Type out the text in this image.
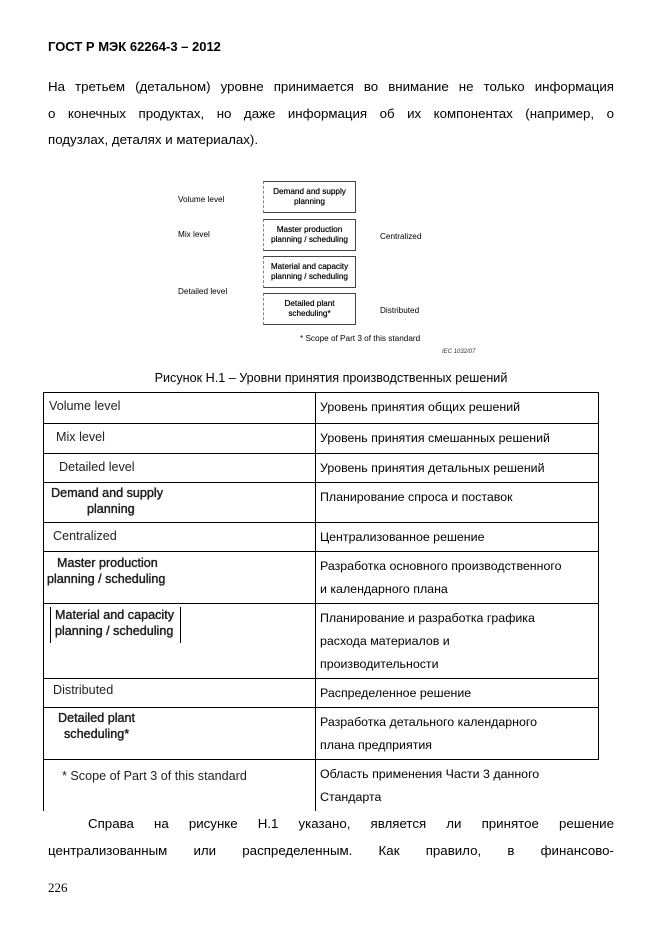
ГОСТ Р МЭК 62264-3 – 2012
На третьем (детальном) уровне принимается во внимание не только информация
о конечных продуктах, но даже информация об их компонентах (например, о
подузлах, деталях и материалах).
Volume level
Mix level
Detailed level
Demand and supply
planning
Master production
planning / scheduling
Material and capacity
planning / scheduling
Detailed plant
scheduling*
Centralized
Distributed
* Scope of Part 3 of this standard
IEC 1032/07
Рисунок Н.1 – Уровни принятия производственных решений
Volume level	Уровень принятия общих решений

Mix level	Уровень принятия смешанных решений

Detailed level	Уровень принятия детальных решений

Demand and supply
planning	Планирование спроса и поставок

Centralized	Централизованное решение

Master production
planning / scheduling	Разработка основного производственного
и календарного плана

Material and capacity
planning / scheduling	Планирование и разработка графика
расхода материалов и
производительности

Distributed	Распределенное решение

Detailed plant
scheduling*	Разработка детального календарного
плана предприятия

* Scope of Part 3 of this standard	Область применения Части 3 данного
Стандарта
Справа на рисунке Н.1 указано, является ли принятое решение
централизованным или распределенным. Как правило, в финансово-
226
